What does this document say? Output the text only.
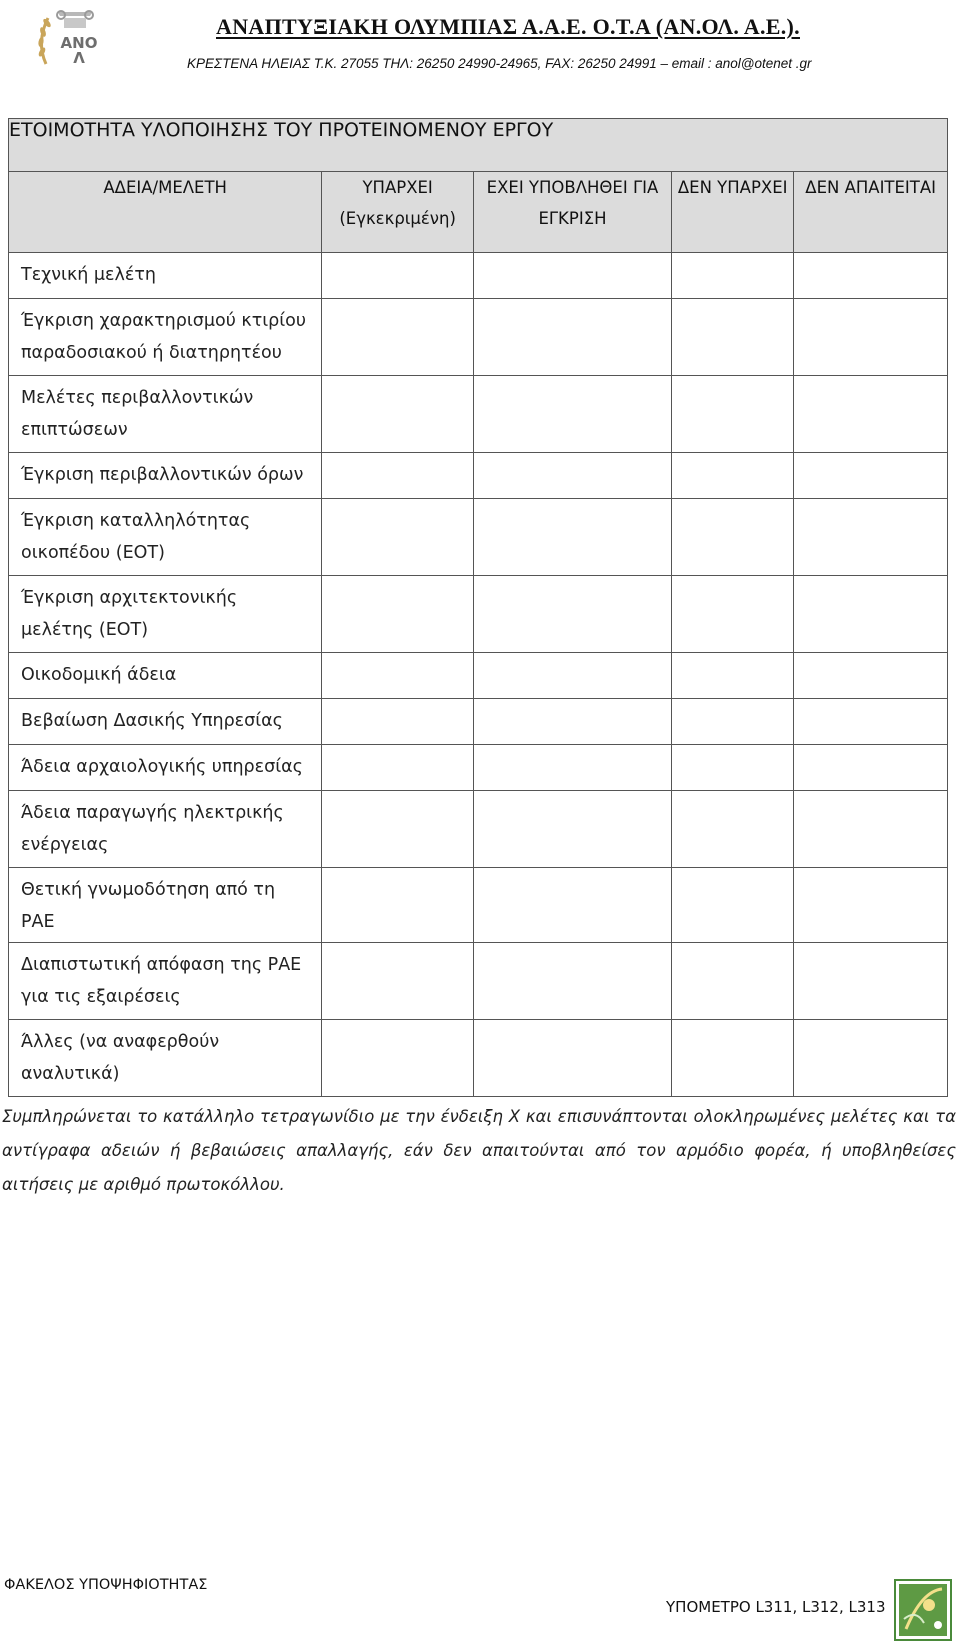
ΑΝΟΛ
ΑΝΑΠΤΥΞΙΑΚΗ ΟΛΥΜΠΙΑΣ Α.Α.Ε. Ο.Τ.Α (ΑΝ.ΟΛ. Α.Ε.).
ΚΡΕΣΤΕΝΑ ΗΛΕΙΑΣ Τ.Κ. 27055 ΤΗΛ: 26250 24990-24965, FAX: 26250 24991 – email : anol@otenet .gr
ΕΤΟΙΜΟΤΗΤΑ ΥΛΟΠΟΙΗΣΗΣ ΤΟΥ ΠΡΟΤΕΙΝΟΜΕΝΟΥ ΕΡΓΟΥ				
ΑΔΕΙΑ/ΜΕΛΕΤΗ	ΥΠΑΡΧΕΙ (Εγκεκριμένη)	ΕΧΕΙ ΥΠΟΒΛΗΘΕΙ ΓΙΑ ΕΓΚΡΙΣΗ	ΔΕΝ ΥΠΑΡΧΕΙ	ΔΕΝ ΑΠΑΙΤΕΙΤΑΙ
Τεχνική μελέτη				
Έγκριση χαρακτηρισμού κτιρίου παραδοσιακού ή διατηρητέου				
Μελέτες περιβαλλοντικών επιπτώσεων				
Έγκριση περιβαλλοντικών όρων				
Έγκριση καταλληλότητας οικοπέδου (ΕΟΤ)				
Έγκριση αρχιτεκτονικής μελέτης (ΕΟΤ)				
Οικοδομική άδεια				
Βεβαίωση Δασικής Υπηρεσίας				
Άδεια αρχαιολογικής υπηρεσίας				
Άδεια παραγωγής ηλεκτρικής ενέργειας				
Θετική γνωμοδότηση από τη ΡΑΕ				
Διαπιστωτική απόφαση της ΡΑΕ για τις εξαιρέσεις				
Άλλες (να αναφερθούν αναλυτικά)				
Συμπληρώνεται το κατάλληλο τετραγωνίδιο με την ένδειξη Χ και επισυνάπτονται ολοκληρωμένες μελέτες και τα αντίγραφα αδειών ή βεβαιώσεις απαλλαγής, εάν δεν απαιτούνται από τον αρμόδιο φορέα, ή υποβληθείσες αιτήσεις με αριθμό πρωτοκόλλου.
ΦΑΚΕΛΟΣ ΥΠΟΨΗΦΙΟΤΗΤΑΣ
ΥΠΟΜΕΤΡΟ L311, L312, L313
